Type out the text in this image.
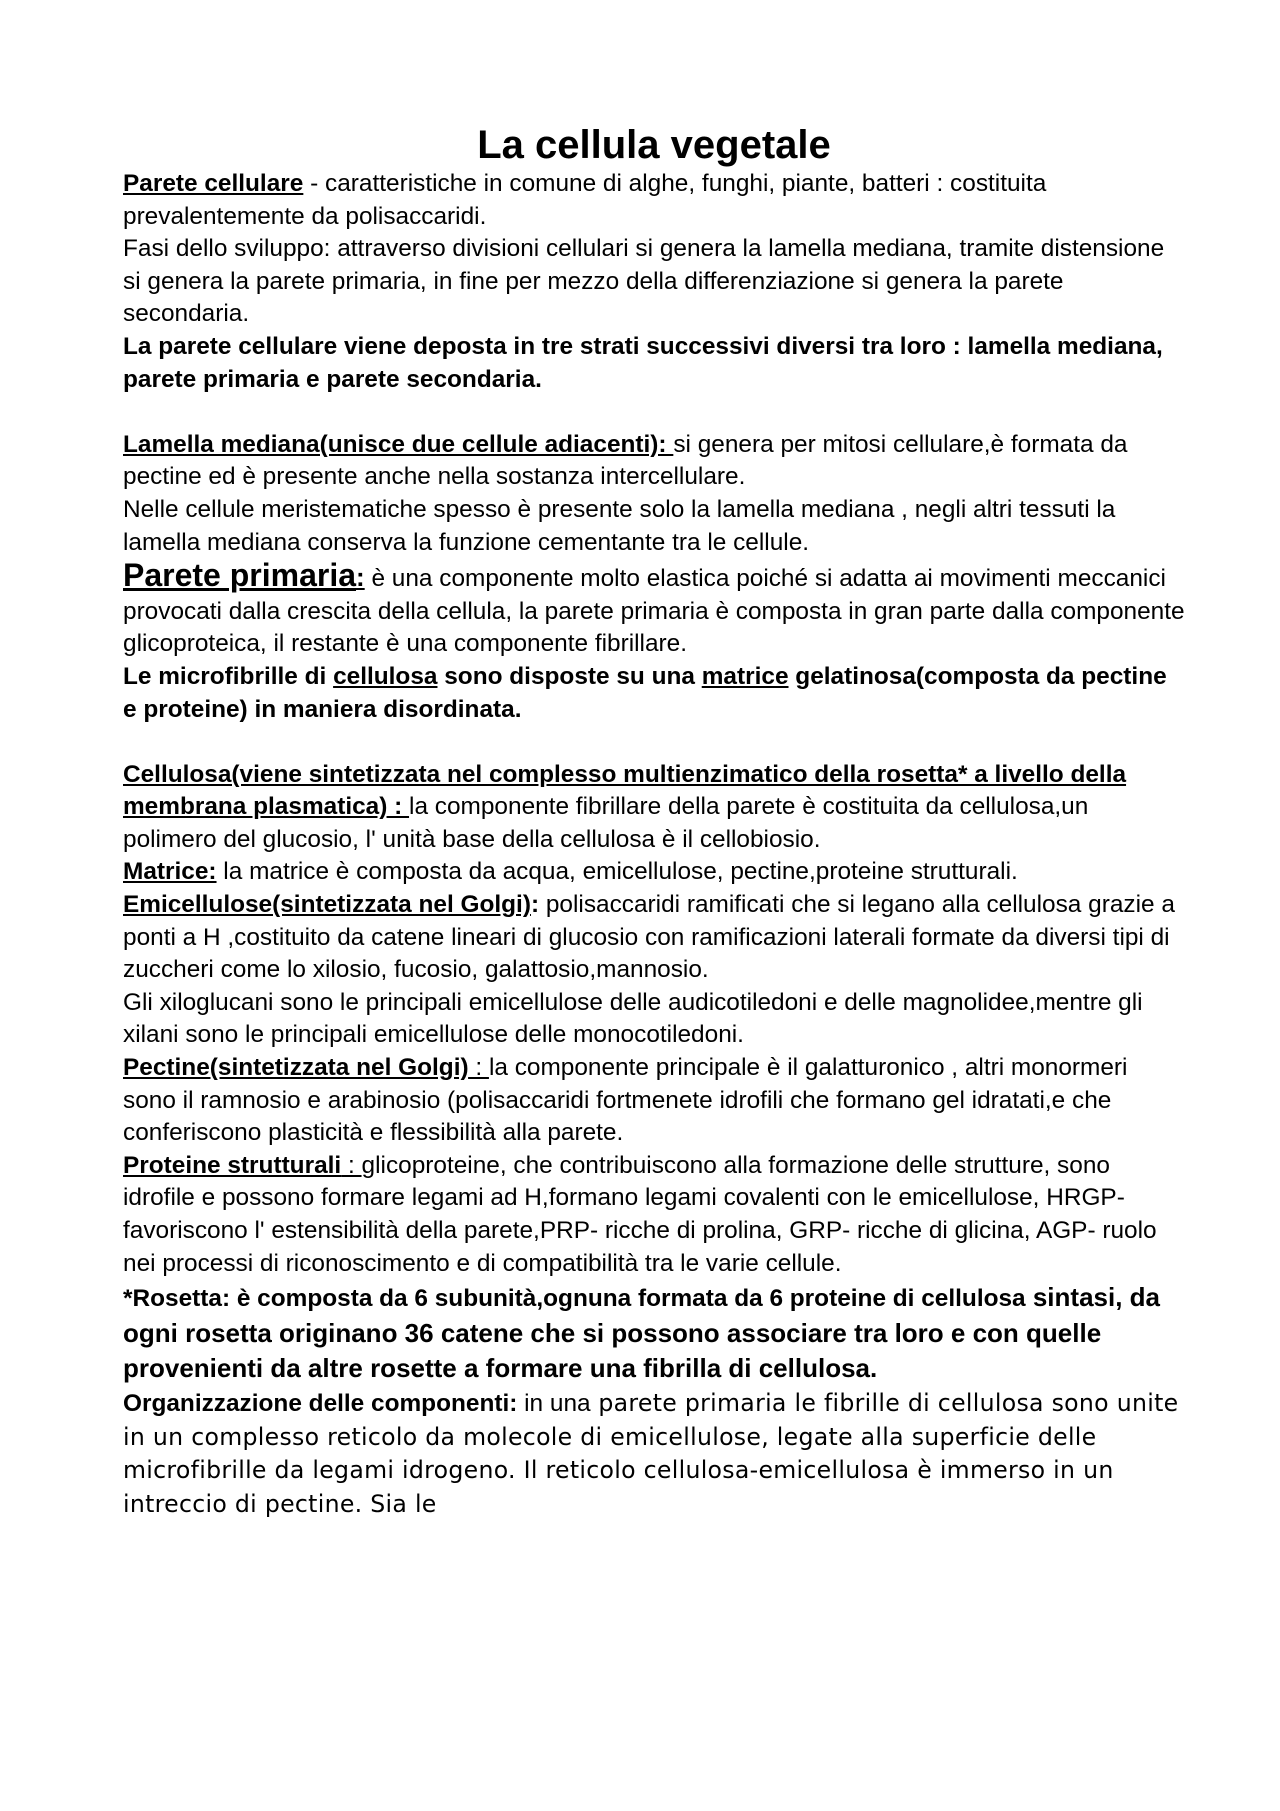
La cellula vegetale

Parete cellulare - caratteristiche in comune di alghe, funghi, piante, batteri : costituita prevalentemente da polisaccaridi.

Fasi dello sviluppo: attraverso divisioni cellulari si genera la lamella mediana, tramite distensione si genera la parete primaria, in fine per mezzo della differenziazione si genera la parete secondaria.

La parete cellulare viene deposta in tre strati successivi diversi tra loro : lamella mediana, parete primaria e parete secondaria.

Lamella mediana(unisce due cellule adiacenti): si genera per mitosi cellulare,è formata da pectine ed è presente anche nella sostanza intercellulare.

Nelle cellule meristematiche spesso è presente solo la lamella mediana , negli altri tessuti la lamella mediana conserva la funzione cementante tra le cellule.

Parete primaria: è una componente molto elastica poiché si adatta ai movimenti meccanici provocati dalla crescita della cellula, la parete primaria è composta in gran parte dalla componente glicoproteica, il restante è una componente fibrillare.

Le microfibrille di cellulosa sono disposte su una matrice gelatinosa(composta da pectine e proteine) in maniera disordinata.

Cellulosa(viene sintetizzata nel complesso multienzimatico della rosetta* a livello della membrana plasmatica) : la componente fibrillare della parete è costituita da cellulosa,un polimero del glucosio, l' unità base della cellulosa è il cellobiosio.

Matrice: la matrice è composta da acqua, emicellulose, pectine,proteine strutturali.

Emicellulose(sintetizzata nel Golgi): polisaccaridi ramificati che si legano alla cellulosa grazie a ponti a H ,costituito da catene lineari di glucosio con ramificazioni laterali formate da diversi tipi di zuccheri come lo xilosio, fucosio, galattosio,mannosio.

Gli xiloglucani sono le principali emicellulose delle audicotiledoni e delle magnolidee,mentre gli xilani sono le principali emicellulose delle monocotiledoni.

Pectine(sintetizzata nel Golgi) : la componente principale è il galatturonico , altri monormeri sono il ramnosio e arabinosio (polisaccaridi fortmenete idrofili che formano gel idratati,e che conferiscono plasticità e flessibilità alla parete.

Proteine strutturali : glicoproteine, che contribuiscono alla formazione delle strutture, sono idrofile e possono formare legami ad H,formano legami covalenti con le emicellulose, HRGP- favoriscono l' estensibilità della parete,PRP- ricche di prolina, GRP- ricche di glicina, AGP- ruolo nei processi di riconoscimento e di compatibilità tra le varie cellule.

*Rosetta: è composta da 6 subunità,ognuna formata da 6 proteine di cellulosa sintasi, da ogni rosetta originano 36 catene che si possono associare tra loro e con quelle provenienti da altre rosette a formare una fibrilla di cellulosa.

Organizzazione delle componenti: in una parete primaria le fibrille di cellulosa sono unite in un complesso reticolo da molecole di emicellulose, legate alla superficie delle microfibrille da legami idrogeno. Il reticolo cellulosa-emicellulosa è immerso in un intreccio di pectine. Sia le
